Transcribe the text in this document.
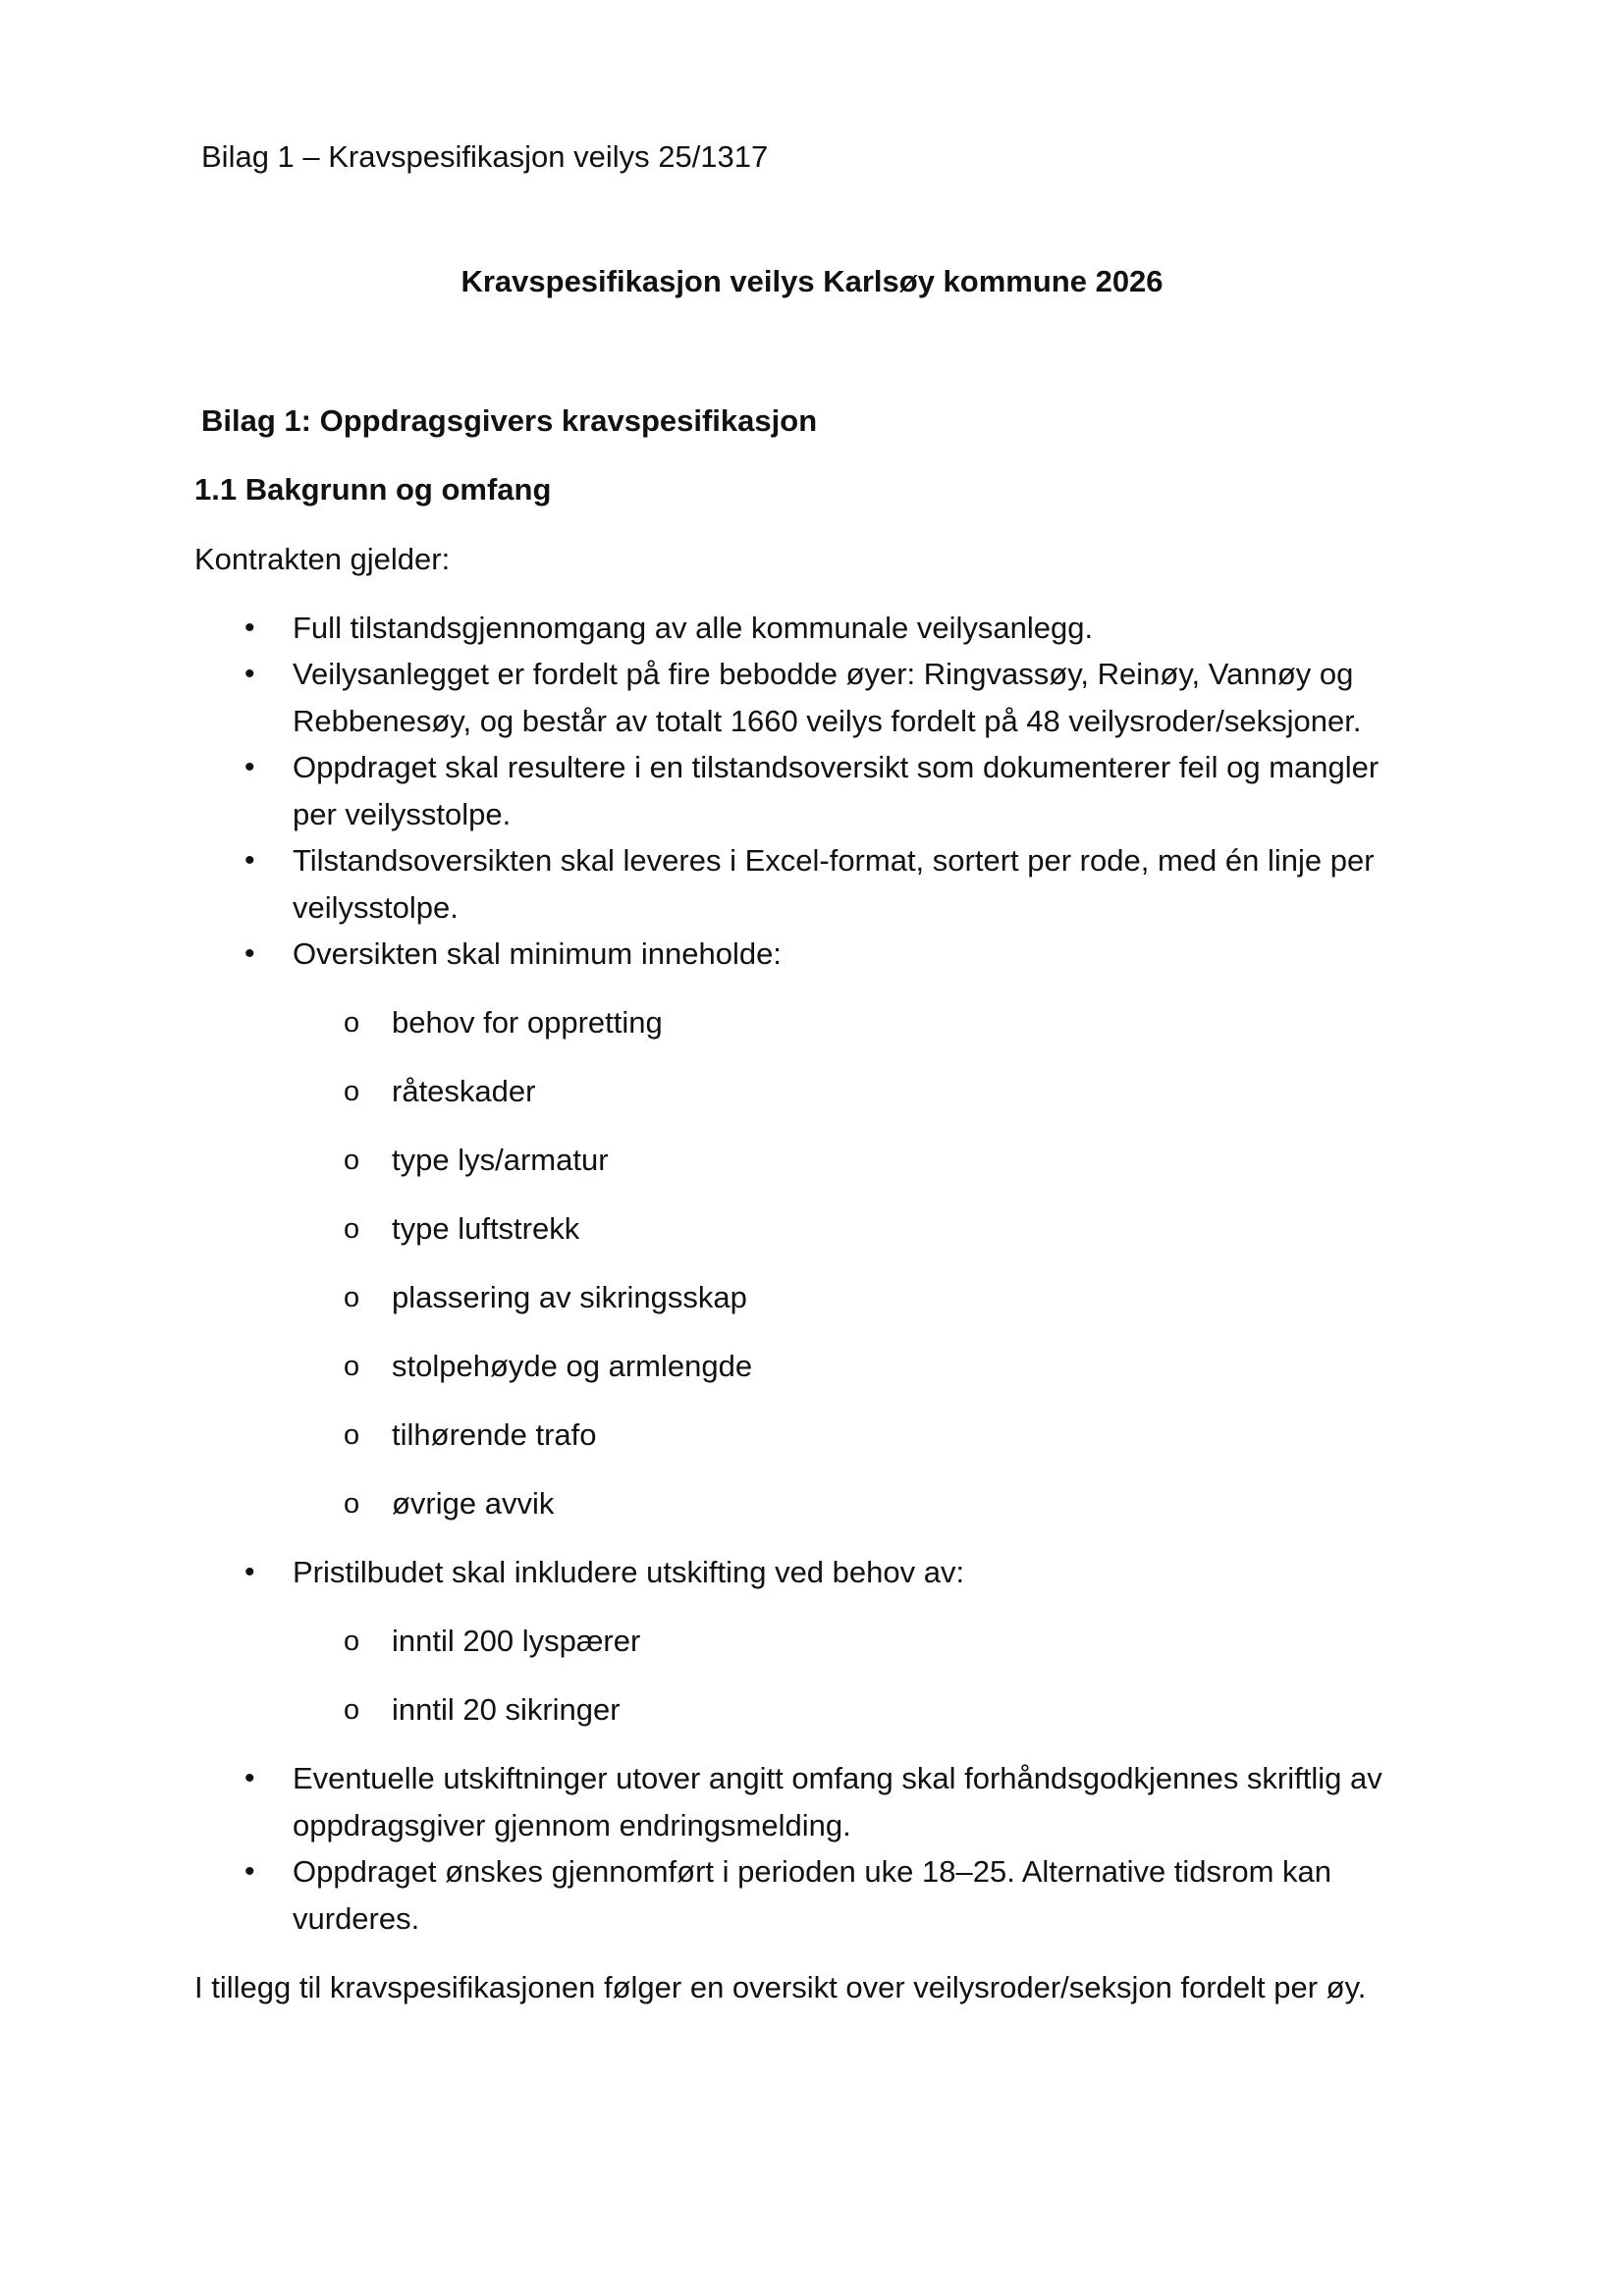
Bilag 1 – Kravspesifikasjon veilys 25/1317
Kravspesifikasjon veilys Karlsøy kommune 2026
Bilag 1: Oppdragsgivers kravspesifikasjon
1.1 Bakgrunn og omfang
Kontrakten gjelder:
• Full tilstandsgjennomgang av alle kommunale veilysanlegg.
• Veilysanlegget er fordelt på fire bebodde øyer: Ringvassøy, Reinøy, Vannøy og
Rebbenesøy, og består av totalt 1660 veilys fordelt på 48 veilysroder/seksjoner.
• Oppdraget skal resultere i en tilstandsoversikt som dokumenterer feil og mangler
per veilysstolpe.
• Tilstandsoversikten skal leveres i Excel-format, sortert per rode, med én linje per
veilysstolpe.
• Oversikten skal minimum inneholde:
o behov for oppretting
o råteskader
o type lys/armatur
o type luftstrekk
o plassering av sikringsskap
o stolpehøyde og armlengde
o tilhørende trafo
o øvrige avvik
• Pristilbudet skal inkludere utskifting ved behov av:
o inntil 200 lyspærer
o inntil 20 sikringer
• Eventuelle utskiftninger utover angitt omfang skal forhåndsgodkjennes skriftlig av
oppdragsgiver gjennom endringsmelding.
• Oppdraget ønskes gjennomført i perioden uke 18–25. Alternative tidsrom kan
vurderes.
I tillegg til kravspesifikasjonen følger en oversikt over veilysroder/seksjon fordelt per øy.
